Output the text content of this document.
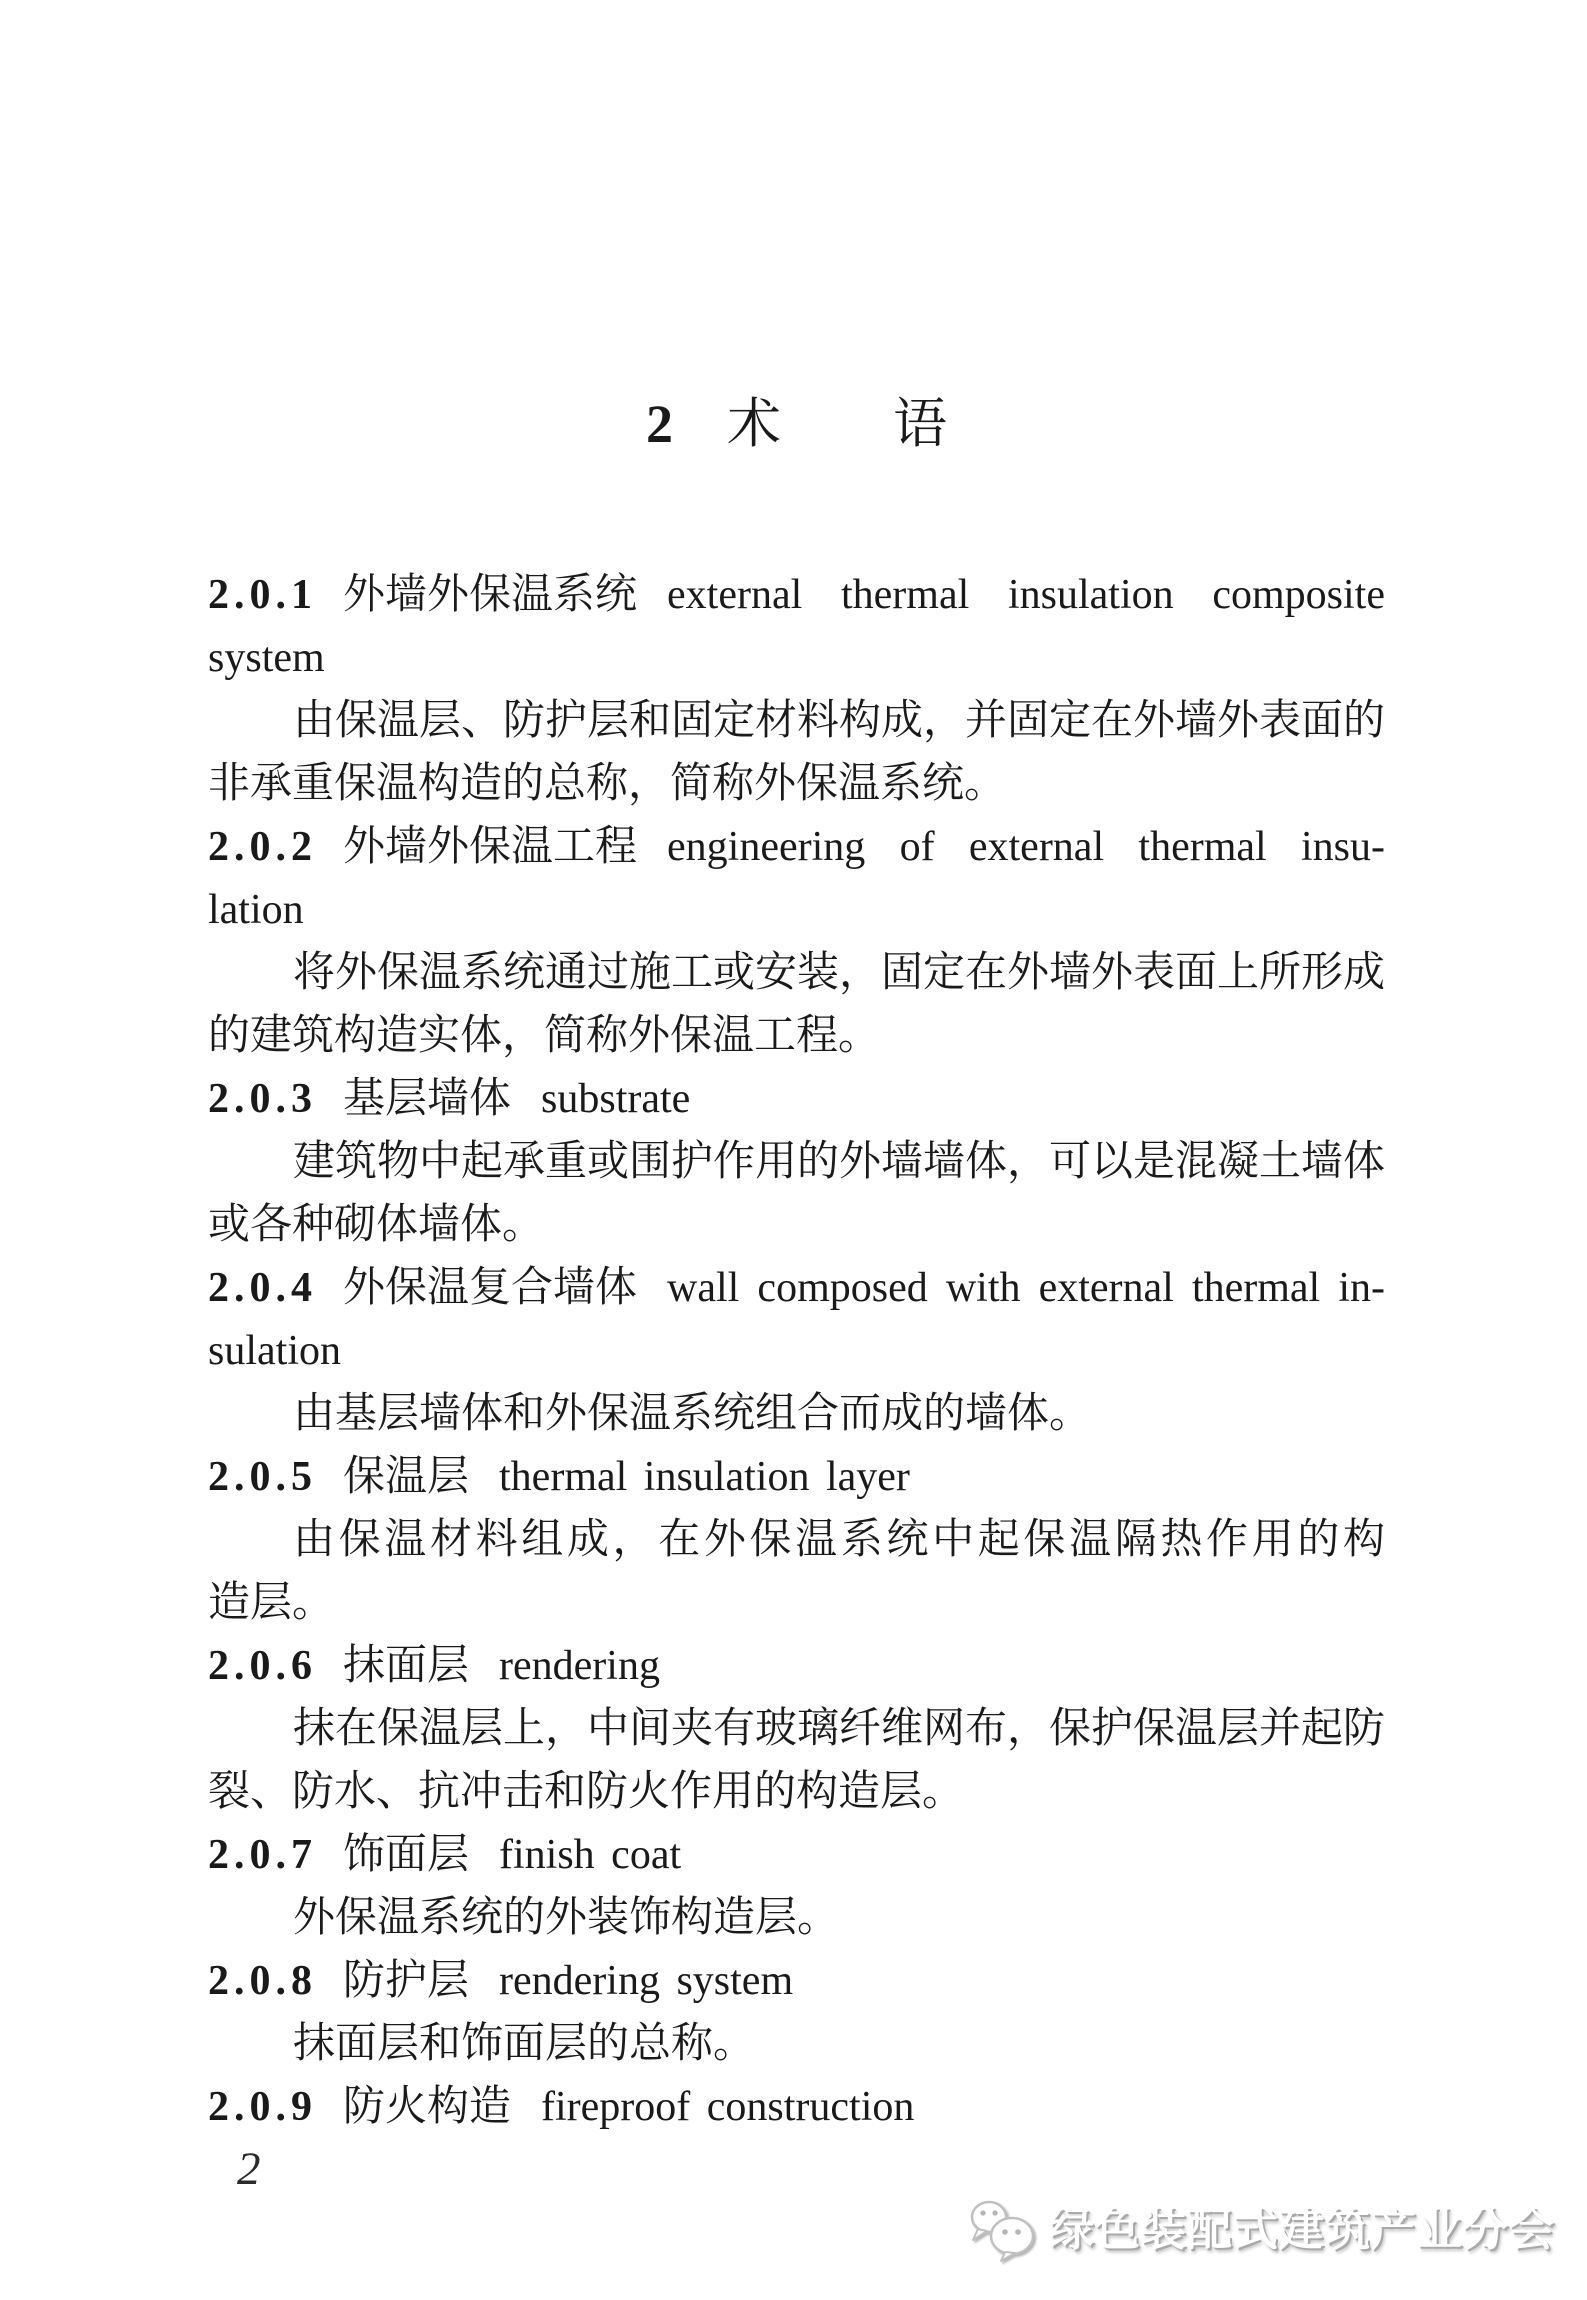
2 术 语
2.0.1 外墙外保温系统 external thermal insulation composite
system
由保温层、防护层和固定材料构成，并固定在外墙外表面的
非承重保温构造的总称，简称外保温系统。
2.0.2 外墙外保温工程 engineering of external thermal insu-
lation
将外保温系统通过施工或安装，固定在外墙外表面上所形成
的建筑构造实体，简称外保温工程。
2.0.3 基层墙体 substrate
建筑物中起承重或围护作用的外墙墙体，可以是混凝土墙体
或各种砌体墙体。
2.0.4 外保温复合墙体 wall composed with external thermal in-
sulation
由基层墙体和外保温系统组合而成的墙体。
2.0.5 保温层 thermal insulation layer
由保温材料组成，在外保温系统中起保温隔热作用的构
造层。
2.0.6 抹面层 rendering
抹在保温层上，中间夹有玻璃纤维网布，保护保温层并起防
裂、防水、抗冲击和防火作用的构造层。
2.0.7 饰面层 finish coat
外保温系统的外装饰构造层。
2.0.8 防护层 rendering system
抹面层和饰面层的总称。
2.0.9 防火构造 fireproof construction
2
绿色装配式建筑产业分会
